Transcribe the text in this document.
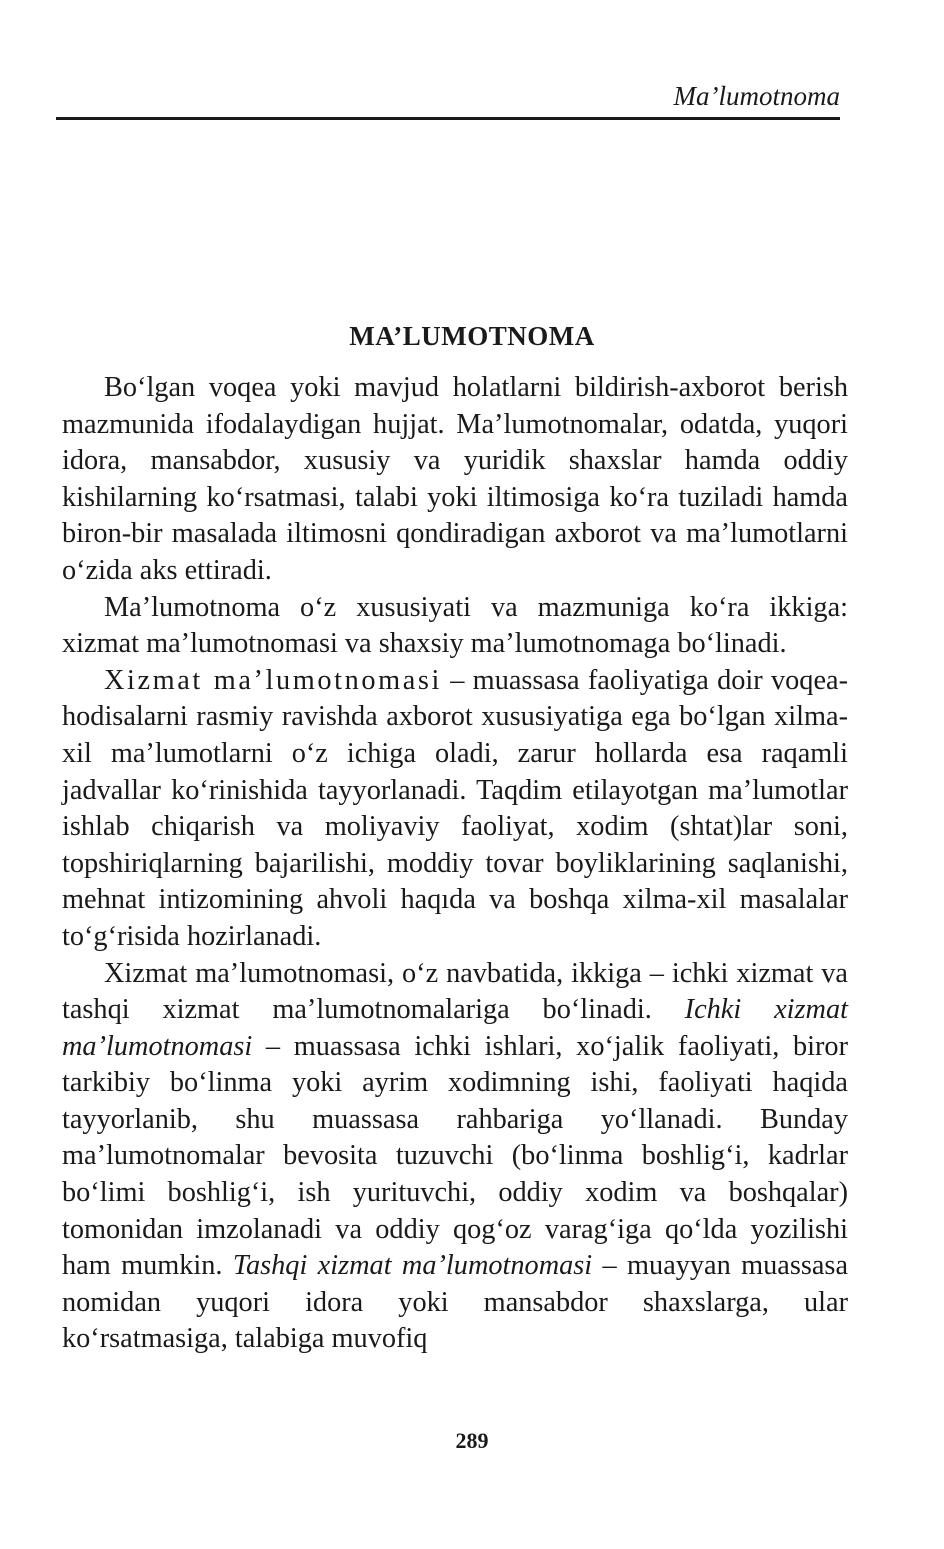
Ma’lumotnoma
MA’LUMOTNOMA

Bo‘lgan voqea yoki mavjud holatlarni bildirish-axborot berish mazmunida ifodalaydigan hujjat. Ma’lumotnomalar, odatda, yuqori idora, mansabdor, xususiy va yuridik shaxslar hamda oddiy kishilarning ko‘rsatmasi, talabi yoki iltimosiga ko‘ra tuziladi hamda biron-bir masalada iltimosni qondiradigan axborot va ma’lumotlarni o‘zida aks ettiradi.

Ma’lumotnoma o‘z xususiyati va mazmuniga ko‘ra ikkiga: xizmat ma’lumotnomasi va shaxsiy ma’lumotnomaga bo‘linadi.

Xizmat ma’lumotnomasi – muassasa faoliyatiga doir voqea-hodisalarni rasmiy ravishda axborot xususiyatiga ega bo‘lgan xilma-xil ma’lumotlarni o‘z ichiga oladi, zarur hollarda esa raqamli jadvallar ko‘rinishida tayyorlanadi. Taqdim etilayotgan ma’lumotlar ishlab chiqarish va moliyaviy faoliyat, xodim (shtat)lar soni, topshiriqlarning bajarilishi, moddiy tovar boyliklarining saqlanishi, mehnat intizomining ahvoli haqıda va boshqa xilma-xil masalalar to‘g‘risida hozirlanadi.

Xizmat ma’lumotnomasi, o‘z navbatida, ikkiga – ichki xizmat va tashqi xizmat ma’lumotnomalariga bo‘linadi. Ichki xizmat ma’lumotnomasi – muassasa ichki ishlari, xo‘jalik faoliyati, biror tarkibiy bo‘linma yoki ayrim xodimning ishi, faoliyati haqida tayyorlanib, shu muassasa rahbariga yo‘llanadi. Bunday ma’lumotnomalar bevosita tuzuvchi (bo‘linma boshlig‘i, kadrlar bo‘limi boshlig‘i, ish yurituvchi, oddiy xodim va boshqalar) tomonidan imzolanadi va oddiy qog‘oz varag‘iga qo‘lda yozilishi ham mumkin. Tashqi xizmat ma’lumotnomasi – muayyan muassasa nomidan yuqori idora yoki mansabdor shaxslarga, ular ko‘rsatmasiga, talabiga muvofiq

289
